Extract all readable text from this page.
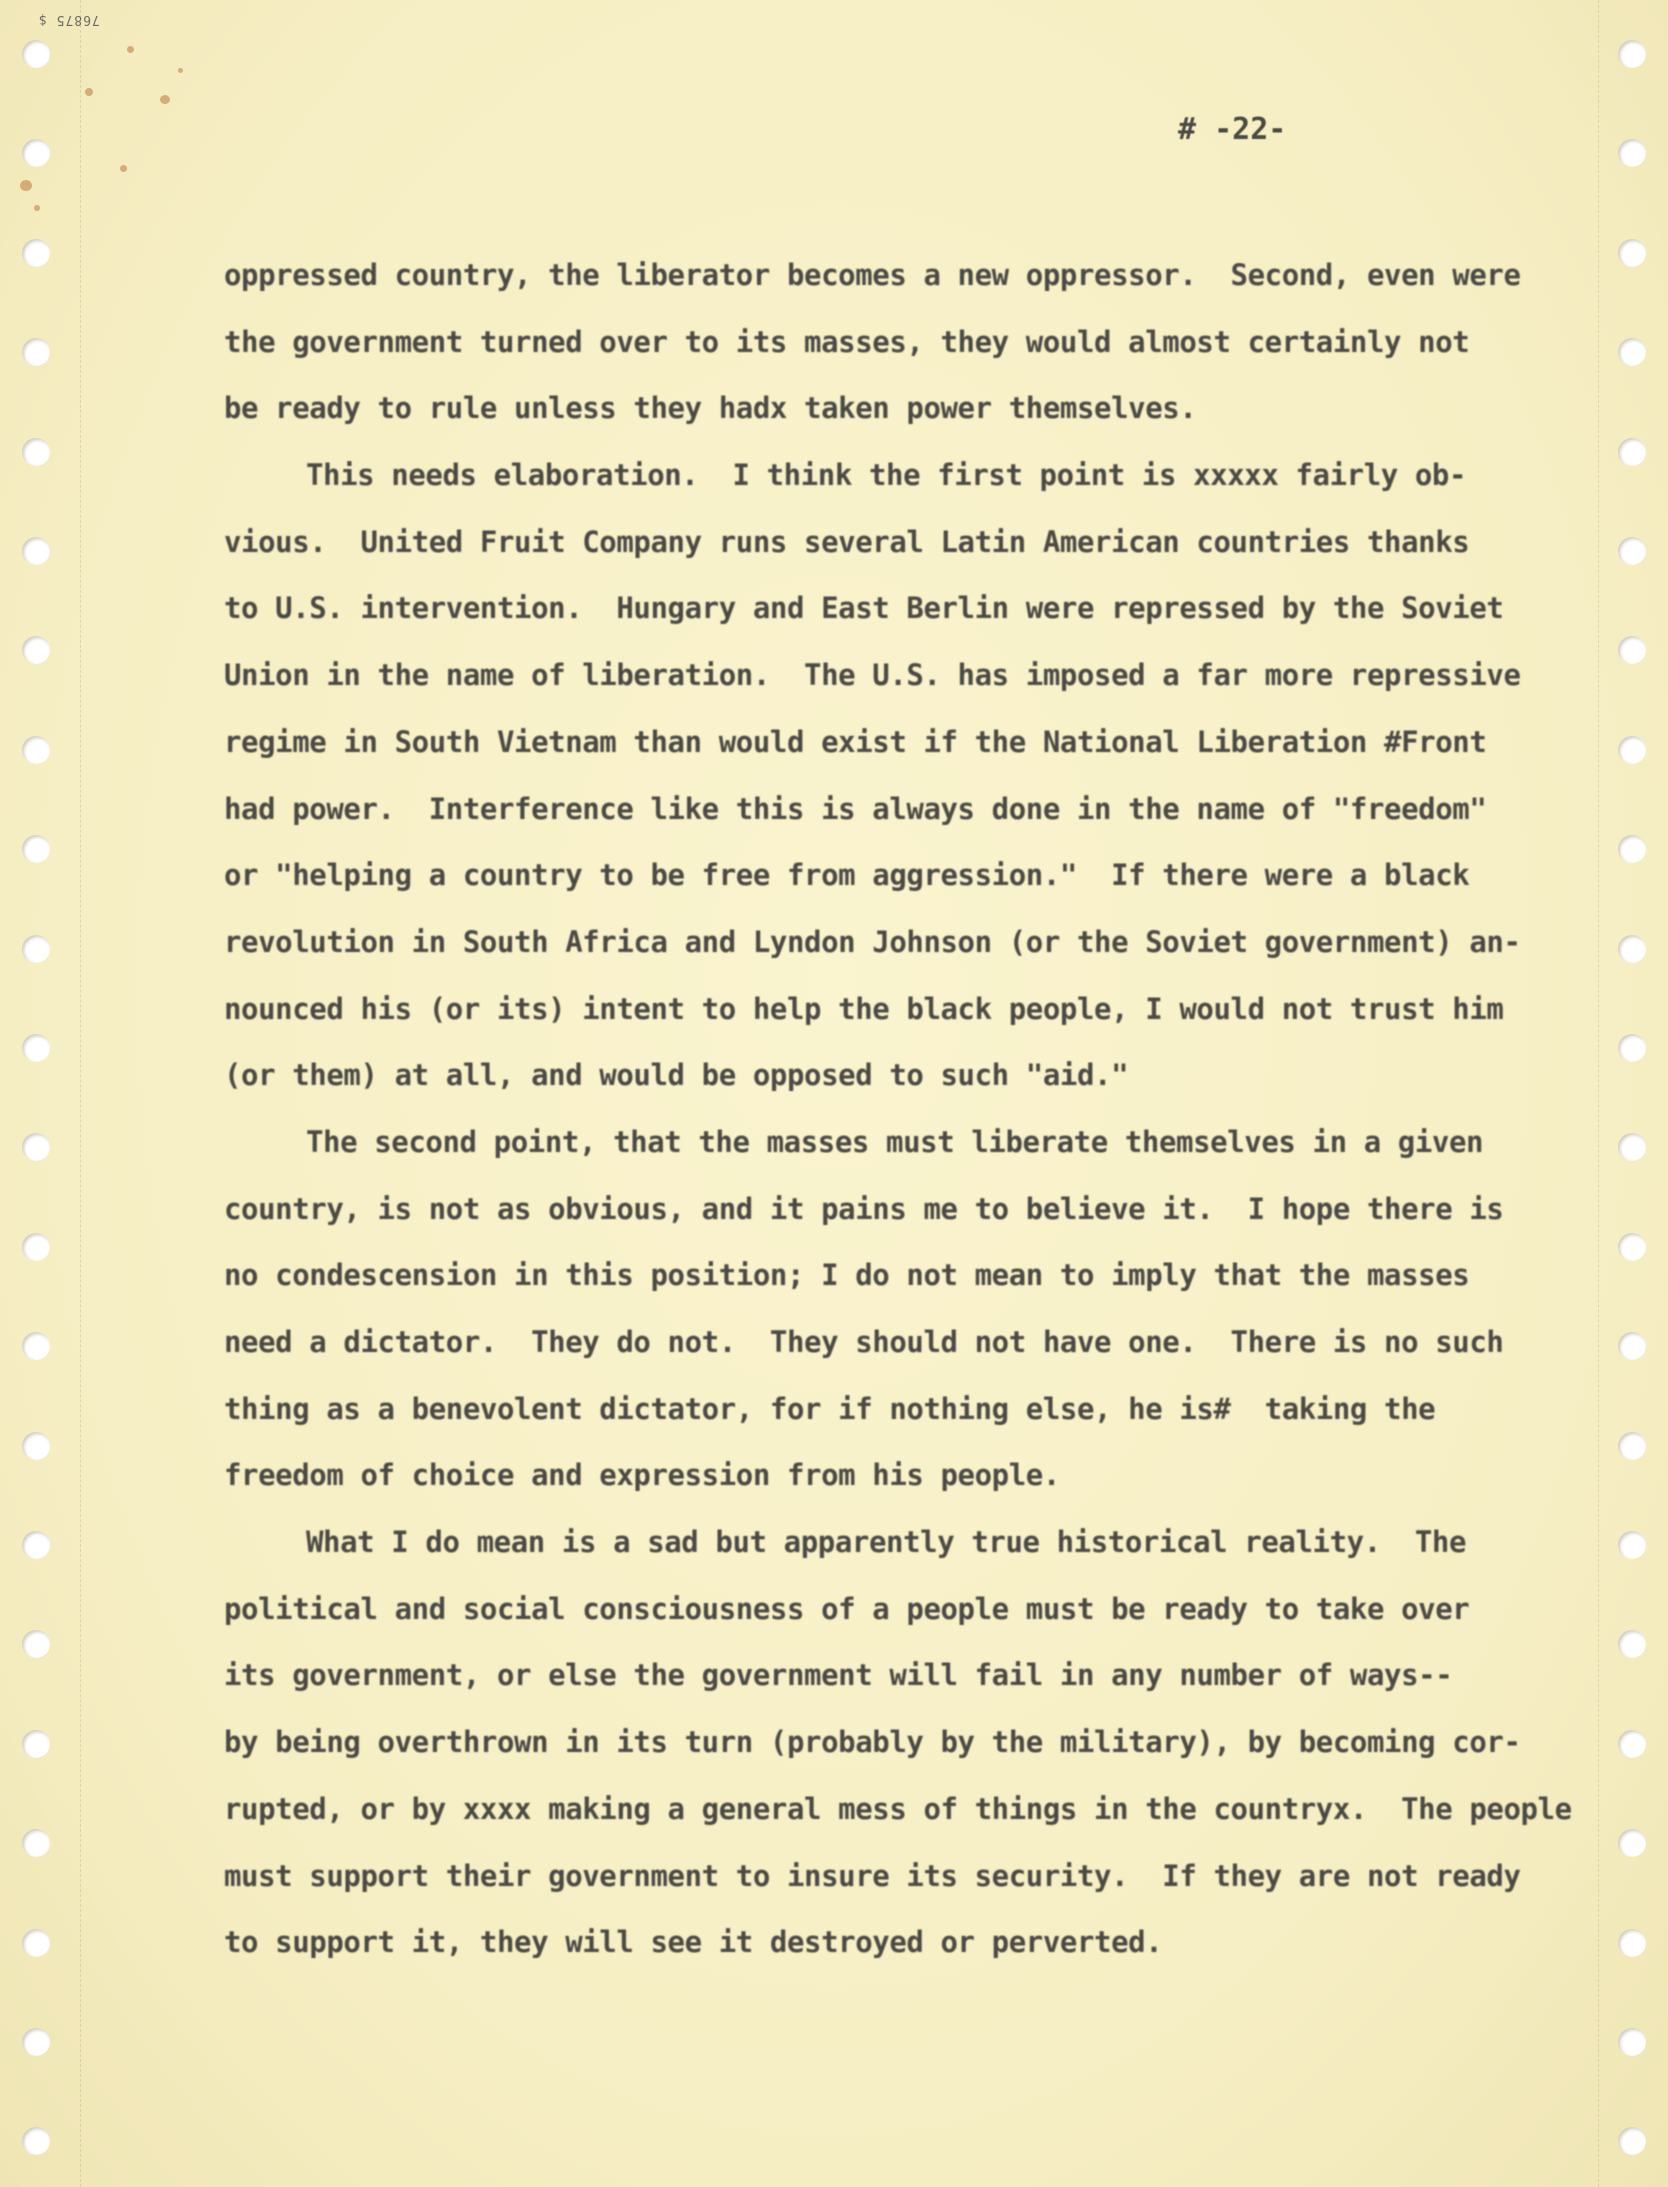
76875 $
# -22-
oppressed country, the liberator becomes a new oppressor.  Second, even were
the government turned over to its masses, they would almost certainly not
be ready to rule unless they hadx taken power themselves.
This needs elaboration.  I think the first point is xxxxx fairly ob-
vious.  United Fruit Company runs several Latin American countries thanks
to U.S. intervention.  Hungary and East Berlin were repressed by the Soviet
Union in the name of liberation.  The U.S. has imposed a far more repressive
regime in South Vietnam than would exist if the National Liberation #Front
had power.  Interference like this is always done in the name of "freedom"
or "helping a country to be free from aggression."  If there were a black
revolution in South Africa and Lyndon Johnson (or the Soviet government) an-
nounced his (or its) intent to help the black people, I would not trust him
(or them) at all, and would be opposed to such "aid."
The second point, that the masses must liberate themselves in a given
country, is not as obvious, and it pains me to believe it.  I hope there is
no condescension in this position; I do not mean to imply that the masses
need a dictator.  They do not.  They should not have one.  There is no such
thing as a benevolent dictator, for if nothing else, he is#  taking the
freedom of choice and expression from his people.
What I do mean is a sad but apparently true historical reality.  The
political and social consciousness of a people must be ready to take over
its government, or else the government will fail in any number of ways--
by being overthrown in its turn (probably by the military), by becoming cor-
rupted, or by xxxx making a general mess of things in the countryx.  The people
must support their government to insure its security.  If they are not ready
to support it, they will see it destroyed or perverted.
